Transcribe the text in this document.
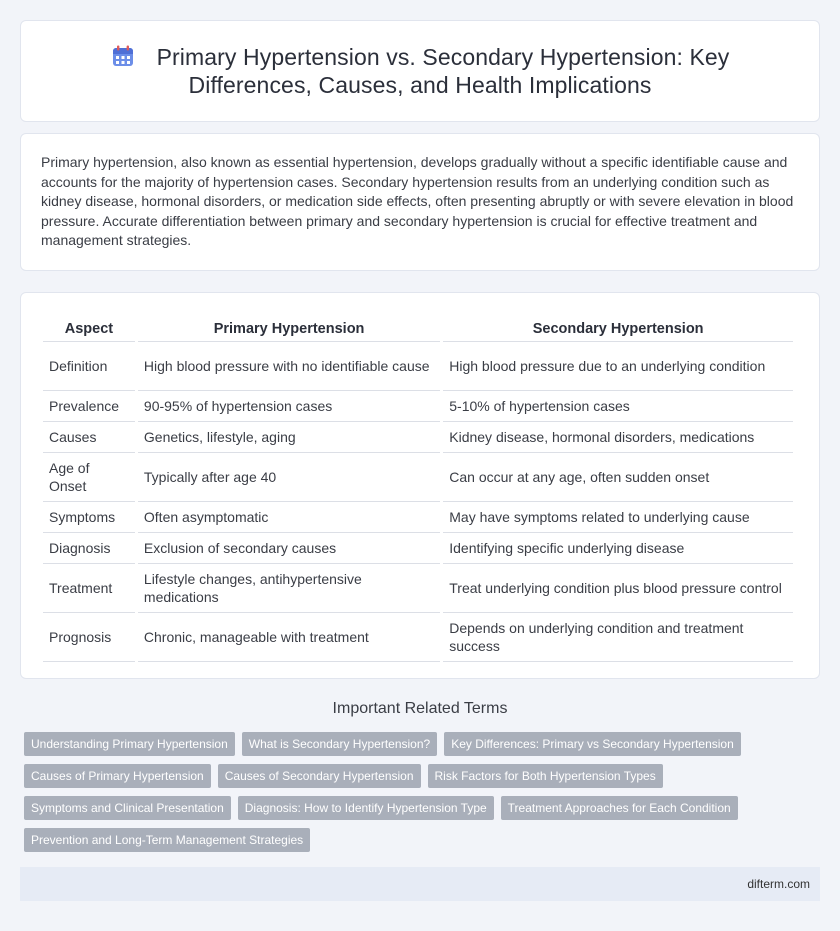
Primary Hypertension vs. Secondary Hypertension: Key Differences, Causes, and Health Implications

Primary hypertension, also known as essential hypertension, develops gradually without a specific identifiable cause and accounts for the majority of hypertension cases. Secondary hypertension results from an underlying condition such as kidney disease, hormonal disorders, or medication side effects, often presenting abruptly or with severe elevation in blood pressure. Accurate differentiation between primary and secondary hypertension is crucial for effective treatment and management strategies.

Aspect	Primary Hypertension	Secondary Hypertension
Definition	High blood pressure with no identifiable cause	High blood pressure due to an underlying condition
Prevalence	90-95% of hypertension cases	5-10% of hypertension cases
Causes	Genetics, lifestyle, aging	Kidney disease, hormonal disorders, medications
Age of Onset	Typically after age 40	Can occur at any age, often sudden onset
Symptoms	Often asymptomatic	May have symptoms related to underlying cause
Diagnosis	Exclusion of secondary causes	Identifying specific underlying disease
Treatment	Lifestyle changes, antihypertensive medications	Treat underlying condition plus blood pressure control
Prognosis	Chronic, manageable with treatment	Depends on underlying condition and treatment success
Important Related Terms
Understanding Primary Hypertension	What is Secondary Hypertension?	Key Differences: Primary vs Secondary Hypertension
Causes of Primary Hypertension	Causes of Secondary Hypertension	Risk Factors for Both Hypertension Types
Symptoms and Clinical Presentation	Diagnosis: How to Identify Hypertension Type	Treatment Approaches for Each Condition
Prevention and Long-Term Management Strategies
difterm.com
